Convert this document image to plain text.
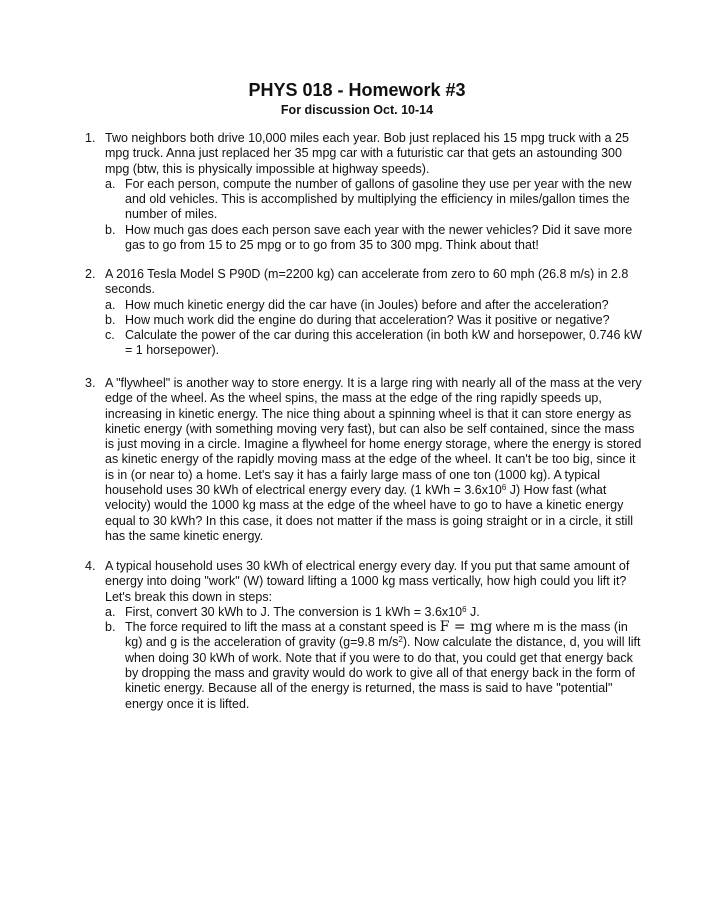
PHYS 018 - Homework #3
For discussion Oct. 10-14
1. Two neighbors both drive 10,000 miles each year. Bob just replaced his 15 mpg truck with a 25 mpg truck. Anna just replaced her 35 mpg car with a futuristic car that gets an astounding 300 mpg (btw, this is physically impossible at highway speeds).
a. For each person, compute the number of gallons of gasoline they use per year with the new and old vehicles. This is accomplished by multiplying the efficiency in miles/gallon times the number of miles.
b. How much gas does each person save each year with the newer vehicles? Did it save more gas to go from 15 to 25 mpg or to go from 35 to 300 mpg. Think about that!
2. A 2016 Tesla Model S P90D (m=2200 kg) can accelerate from zero to 60 mph (26.8 m/s) in 2.8 seconds.
a. How much kinetic energy did the car have (in Joules) before and after the acceleration?
b. How much work did the engine do during that acceleration? Was it positive or negative?
c. Calculate the power of the car during this acceleration (in both kW and horsepower, 0.746 kW = 1 horsepower).
3. A "flywheel" is another way to store energy. It is a large ring with nearly all of the mass at the very edge of the wheel. As the wheel spins, the mass at the edge of the ring rapidly speeds up, increasing in kinetic energy. The nice thing about a spinning wheel is that it can store energy as kinetic energy (with something moving very fast), but can also be self contained, since the mass is just moving in a circle. Imagine a flywheel for home energy storage, where the energy is stored as kinetic energy of the rapidly moving mass at the edge of the wheel. It can't be too big, since it is in (or near to) a home. Let's say it has a fairly large mass of one ton (1000 kg). A typical household uses 30 kWh of electrical energy every day. (1 kWh = $3.6x10^6$ J) How fast (what velocity) would the 1000 kg mass at the edge of the wheel have to go to have a kinetic energy equal to 30 kWh? In this case, it does not matter if the mass is going straight or in a circle, it still has the same kinetic energy.
4. A typical household uses 30 kWh of electrical energy every day. If you put that same amount of energy into doing "work" (W) toward lifting a 1000 kg mass vertically, how high could you lift it? Let's break this down in steps:
a. First, convert 30 kWh to J. The conversion is 1 kWh = $3.6x10^6$ J.
b. The force required to lift the mass at a constant speed is F = mg where m is the mass (in kg) and g is the acceleration of gravity (g=9.8 $m/s^2$). Now calculate the distance, d, you will lift when doing 30 kWh of work. Note that if you were to do that, you could get that energy back by dropping the mass and gravity would do work to give all of that energy back in the form of kinetic energy. Because all of the energy is returned, the mass is said to have "potential" energy once it is lifted.
